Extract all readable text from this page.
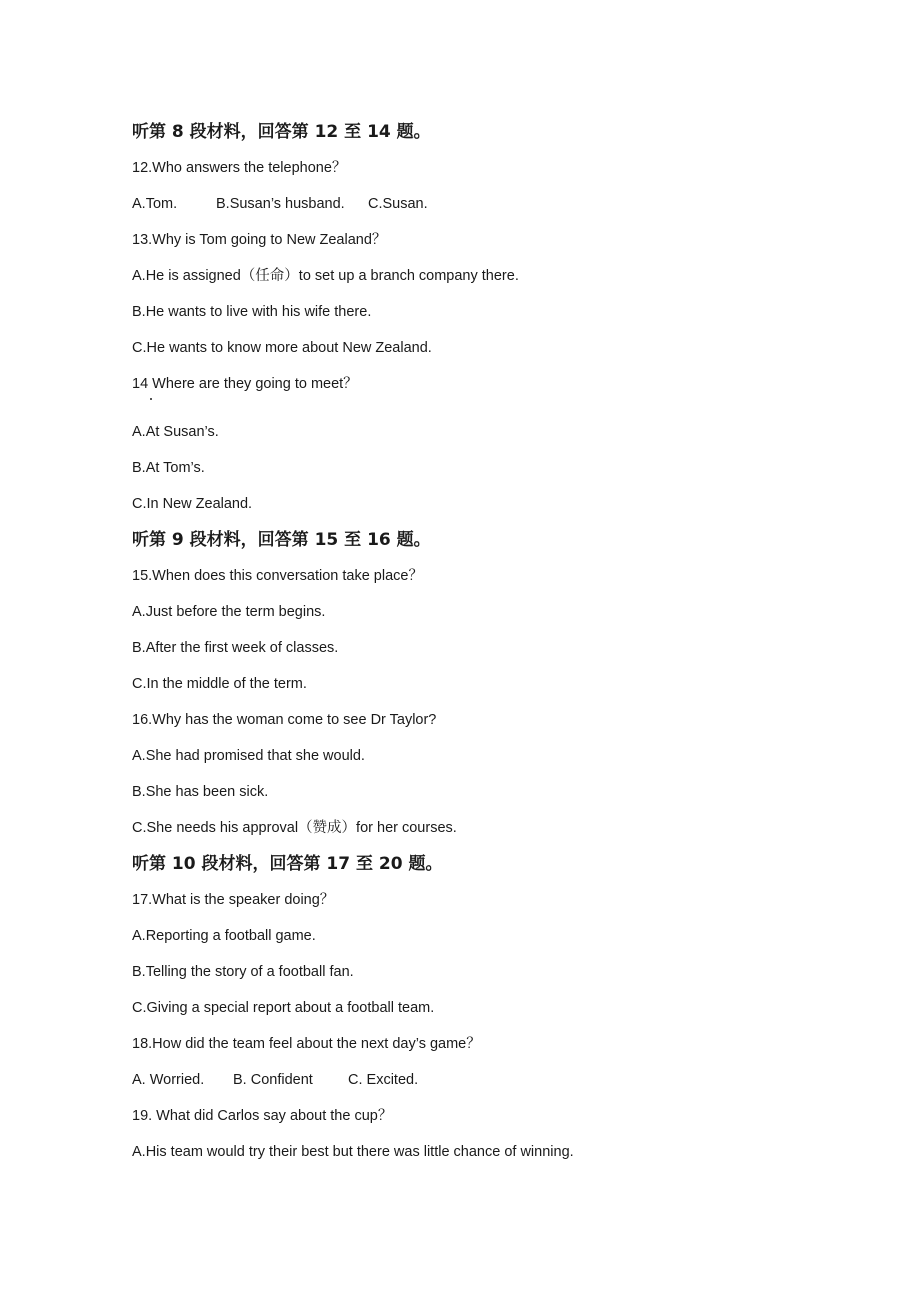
听第 8 段材料，回答第 12 至 14 题。
12.Who answers the telephone？
A.Tom.	B.Susan’s husband. C.Susan.
13.Why is Tom going to New Zealand？
A.He is assigned（任命）to set up a branch company there.
B.He wants to live with his wife there.
C.He wants to know more about New Zealand.
14 Where are they going to meet？
A.At Susan’s.
B.At Tom’s.
C.In New Zealand.
听第 9 段材料，回答第 15 至 16 题。
15.When does this conversation take place？
A.Just before the term begins.
B.After the first week of classes.
C.In the middle of the term.
16.Why has the woman come to see Dr Taylor?
A.She had promised that she would.
B.She has been sick.
C.She needs his approval（赞成）for her courses.
听第 10 段材料，回答第 17 至 20 题。
17.What is the speaker doing？
A.Reporting a football game.
B.Telling the story of a football fan.
C.Giving a special report about a football team.
18.How did the team feel about the next day’s game？
A. Worried. B. Confident C. Excited.
19. What did Carlos say about the cup？
A.His team would try their best but there was little chance of winning.
